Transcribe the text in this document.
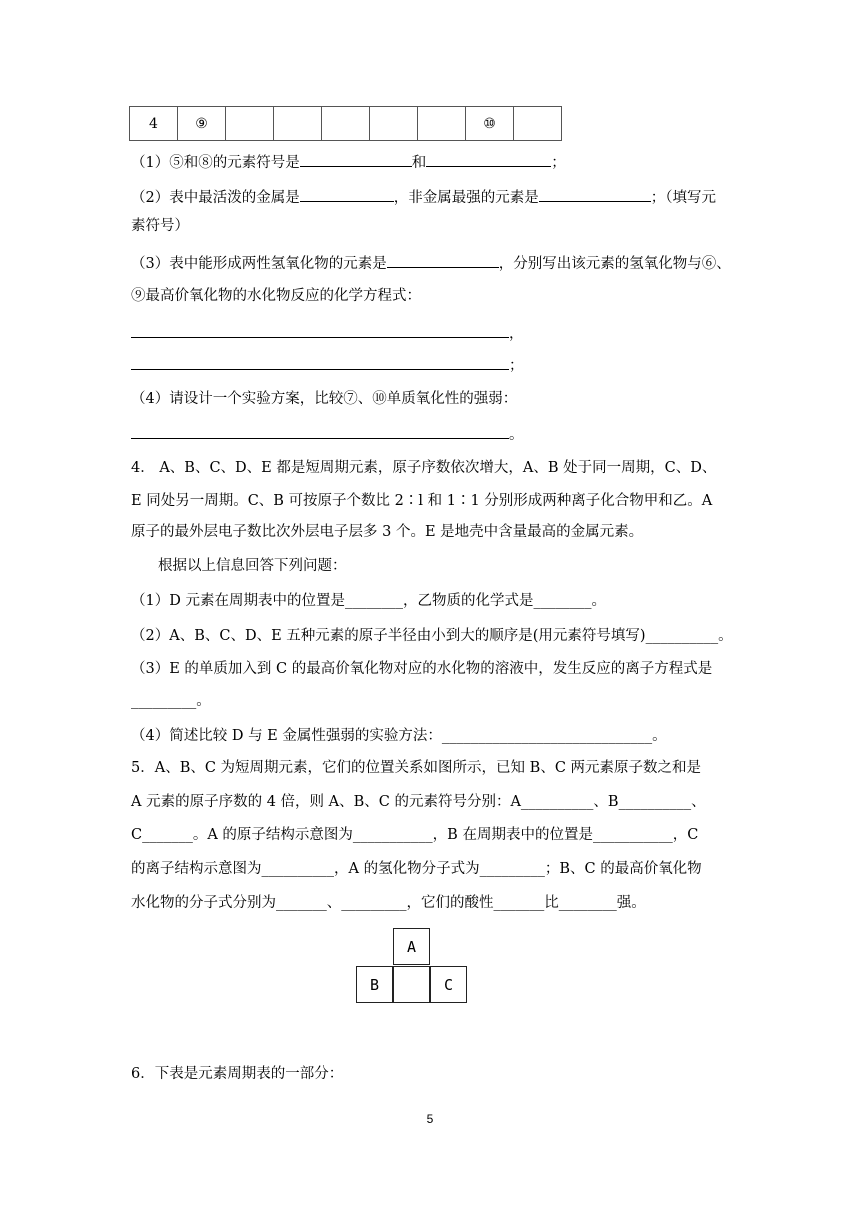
4	⑨						⑩	
（1）⑤和⑧的元素符号是	和	；
（2）表中最活泼的金属是	，非金属最强的元素是	；（填写元
素符号）
（3）表中能形成两性氢氧化物的元素是	，分别写出该元素的氢氧化物与⑥、
⑨最高价氧化物的水化物反应的化学方程式：
，
；
（4）请设计一个实验方案，比较⑦、⑩单质氧化性的强弱：
。
4． A、B、C、D、E 都是短周期元素，原子序数依次增大，A、B 处于同一周期，C、D、
E 同处另一周期。C、B 可按原子个数比 2∶l 和 1∶1 分别形成两种离子化合物甲和乙。A
原子的最外层电子数比次外层电子层多 3 个。E 是地壳中含量最高的金属元素。
根据以上信息回答下列问题：
（1）D 元素在周期表中的位置是________，乙物质的化学式是________。
（2）A、B、C、D、E 五种元素的原子半径由小到大的顺序是(用元素符号填写)__________。
（3）E 的单质加入到 C 的最高价氧化物对应的水化物的溶液中，发生反应的离子方程式是
_________。
（4）简述比较 D 与 E 金属性强弱的实验方法：_____________________________。
5．A、B、C 为短周期元素，它们的位置关系如图所示，已知 B、C 两元素原子数之和是
A 元素的原子序数的 4 倍，则 A、B、C 的元素符号分别：A__________、B__________、
C_______。A 的原子结构示意图为___________，B 在周期表中的位置是___________，C
的离子结构示意图为__________，A 的氢化物分子式为_________；B、C 的最高价氧化物
水化物的分子式分别为_______、_________，它们的酸性_______比________强。
A
B	C
6．下表是元素周期表的一部分：
5
